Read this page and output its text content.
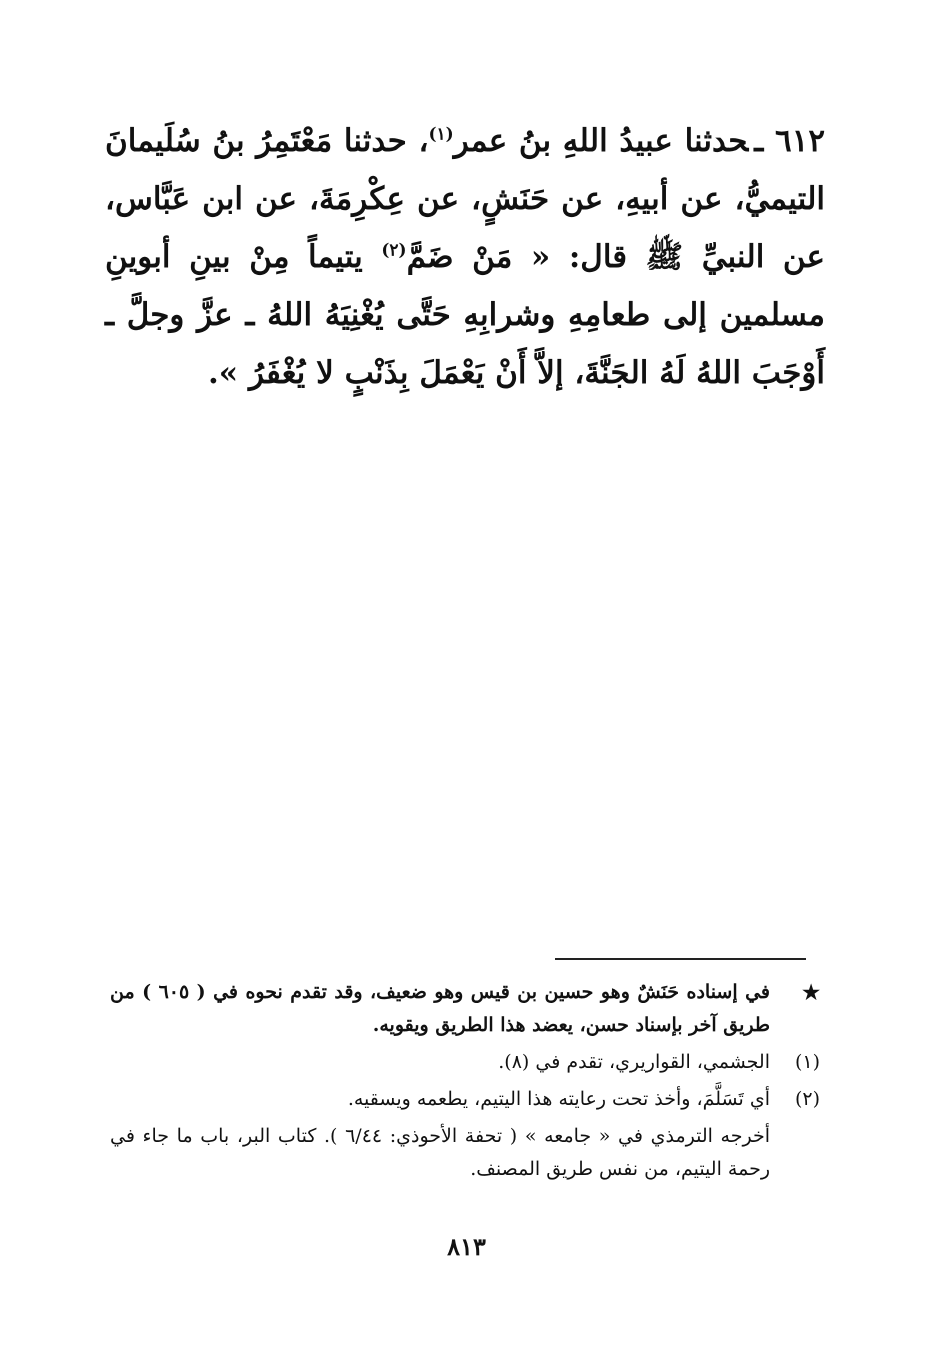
٦١٢ ـحدثنا عبيدُ اللهِ بنُ عمر$^{(١)}$، حدثنا مَعْتَمِرُ بنُ سُلَيمانَ التيميُّ، عن أبيهِ، عن حَنَشٍ، عن عِكْرِمَةَ، عن ابن عَبَّاس، عن النبيِّ ﷺ قال: « مَنْ ضَمَّ$^{(٢)}$ يتيماً مِنْ بينِ أبوينِ مسلمين إلى طعامِهِ وشرابِهِ حَتَّى يُغْنِيَهُ اللهُ ـ عزَّ وجلَّ ـ أَوْجَبَ اللهُ لَهُ الجَنَّةَ، إلاَّ أَنْ يَعْمَلَ بِذَنْبٍ لا يُغْفَرُ ».

★
في إسناده حَنَشٌ وهو حسين بن قيس وهو ضعيف، وقد تقدم نحوه في ( ٦٠٥ ) من طريق آخر بإسناد حسن، يعضد هذا الطريق ويقويه.
(١)
الجشمي، القواريري، تقدم في (٨).
(٢)
أي تَسَلَّمَ، وأخذ تحت رعايته هذا اليتيم، يطعمه ويسقيه.

أخرجه الترمذي في « جامعه » ( تحفة الأحوذي: ٦/٤٤ ). كتاب البر، باب ما جاء في رحمة اليتيم، من نفس طريق المصنف.

٨١٣
